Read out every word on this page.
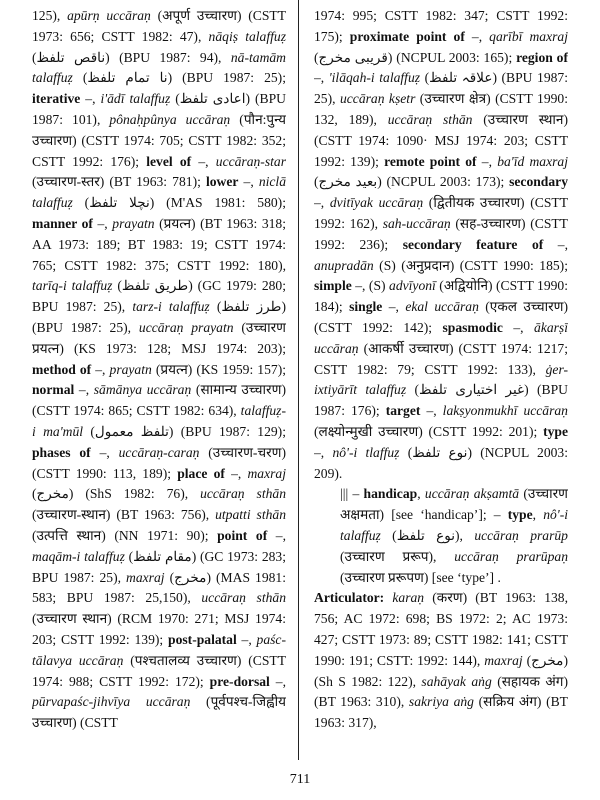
125), apūrṇ uccāraṇ (अपूर्ण उच्चारण) (CSTT 1973: 656; CSTT 1982: 47), nāqiṣ talaffuẓ (ناقص تلفظ) (BPU 1987: 94), nā-tamām talaffuẓ (نا تمام تلفظ) (BPU 1987: 25); iterative –, i'ādī talaffuẓ (اعادی تلفظ) (BPU 1987: 101), pônaḥpûnya uccāraṇ (पौन:पुन्य उच्चारण) (CSTT 1974: 705; CSTT 1982: 352; CSTT 1992: 176); level of –, uccāraṇ-star (उच्चारण-स्तर) (BT 1963: 781); lower –, niclā talaffuẓ (نچلا تلفظ) (M'AS 1981: 580); manner of –, prayatn (प्रयत्न) (BT 1963: 318; AA 1973: 189; BT 1983: 19; CSTT 1974: 765; CSTT 1982: 375; CSTT 1992: 180), tarīq-i talaffuẓ (طریق تلفظ) (GC 1979: 280; BPU 1987: 25), tarz-i talaffuẓ (طرز تلفظ) (BPU 1987: 25), uccāraṇ prayatn (उच्चारण प्रयत्न) (KS 1973: 128; MSJ 1974: 203); method of –, prayatn (प्रयत्न) (KS 1959: 157); normal –, sāmānya uccāraṇ (सामान्य उच्चारण) (CSTT 1974: 865; CSTT 1982: 634), talaffuẓ-i ma'mūl (تلفظ معمول) (BPU 1987: 129); phases of –, uccāraṇ-caraṇ (उच्चारण-चरण) (CSTT 1990: 113, 189); place of –, maxraj (مخرج) (ShS 1982: 76), uccāraṇ sthān (उच्चारण-स्थान) (BT 1963: 756), utpatti sthān (उत्पत्ति स्थान) (NN 1971: 90); point of –, maqām-i talaffuẓ (مقام تلفظ) (GC 1973: 283; BPU 1987: 25), maxraj (مخرج) (MAS 1981: 583; BPU 1987: 25,150), uccāraṇ sthān (उच्चारण स्थान) (RCM 1970: 271; MSJ 1974: 203; CSTT 1992: 139); post-palatal –, paśc-tālavya uccāraṇ (पश्चतालव्य उच्चारण) (CSTT 1974: 988; CSTT 1992: 172); pre-dorsal –, pūrvapaśc-jihvīya uccāraṇ (पूर्वपश्च-जिह्वीय उच्चारण) (CSTT
1974: 995; CSTT 1982: 347; CSTT 1992: 175); proximate point of –, qarībī maxraj (قریبی مخرج) (NCPUL 2003: 165); region of –, 'ilāqah-i talaffuẓ (علاقہ تلفظ) (BPU 1987: 25), uccāraṇ kṣetr (उच्चारण क्षेत्र) (CSTT 1990: 132, 189), uccāraṇ sthān (उच्चारण स्थान) (CSTT 1974: 1090· MSJ 1974: 203; CSTT 1992: 139); remote point of –, ba'īd maxraj (بعید مخرج) (NCPUL 2003: 173); secondary –, dvitīyak uccāraṇ (द्वितीयक उच्चारण) (CSTT 1992: 162), sah-uccāraṇ (सह-उच्चारण) (CSTT 1992: 236); secondary feature of –, anupradān (S) (अनुप्रदान) (CSTT 1990: 185); simple –, (S) advīyonī (अद्वियोनि) (CSTT 1990: 184); single –, ekal uccāraṇ (एकल उच्चारण) (CSTT 1992: 142); spasmodic –, ākarṣī uccāraṇ (आकर्षी उच्चारण) (CSTT 1974: 1217; CSTT 1982: 79; CSTT 1992: 133), ġer-ixtiyārīt talaffuẓ (غیر اختیاری تلفظ) (BPU 1987: 176); target –, lakṣyonmukhī uccāraṇ (लक्ष्योन्मुखी उच्चारण) (CSTT 1992: 201); type –, nô'-i tlaffuẓ (نوع تلفظ) (NCPUL 2003: 209).
||| – handicap, uccāraṇ akṣamtā (उच्चारण अक्षमता) [see ‘handicap’]; – type, nô'-i talaffuẓ (نوع تلفظ), uccāraṇ prarūp (उच्चारण प्ररूप), uccāraṇ prarūpaṇ (उच्चारण प्ररूपण) [see ‘type’] .
Articulator: karaṇ (करण) (BT 1963: 138, 756; AC 1972: 698; BS 1972: 2; AC 1973: 427; CSTT 1973: 89; CSTT 1982: 141; CSTT 1990: 191; CSTT: 1992: 144), maxraj (مخرج) (Sh S 1982: 122), sahāyak aṅg (सहायक अंग) (BT 1963: 310), sakriya aṅg (सक्रिय अंग) (BT 1963: 317),
711
